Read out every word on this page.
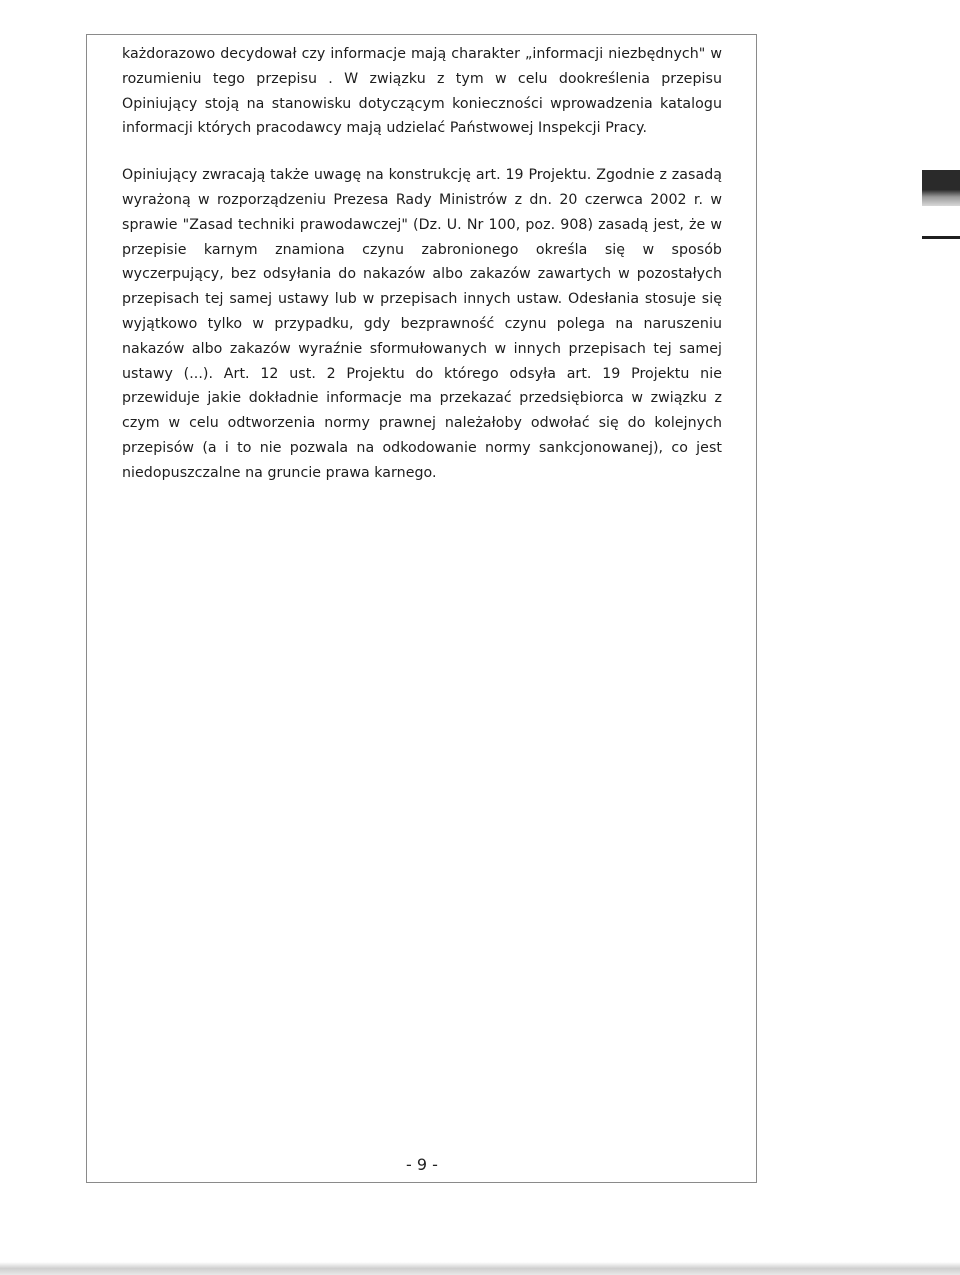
każdorazowo decydował czy informacje mają charakter „informacji niezbędnych" w rozumieniu tego przepisu . W związku z tym w celu dookreślenia przepisu Opiniujący stoją na stanowisku dotyczącym konieczności wprowadzenia katalogu informacji których pracodawcy mają udzielać Państwowej Inspekcji Pracy.

Opiniujący zwracają także uwagę na konstrukcję art. 19 Projektu. Zgodnie z zasadą wyrażoną w rozporządzeniu Prezesa Rady Ministrów z dn. 20 czerwca 2002 r. w sprawie "Zasad techniki prawodawczej" (Dz. U. Nr 100, poz. 908) zasadą jest, że w przepisie karnym znamiona czynu zabronionego określa się w sposób wyczerpujący, bez odsyłania do nakazów albo zakazów zawartych w pozostałych przepisach tej samej ustawy lub w przepisach innych ustaw. Odesłania stosuje się wyjątkowo tylko w przypadku, gdy bezprawność czynu polega na naruszeniu nakazów albo zakazów wyraźnie sformułowanych w innych przepisach tej samej ustawy (...). Art. 12 ust. 2 Projektu do którego odsyła art. 19 Projektu nie przewiduje jakie dokładnie informacje ma przekazać przedsiębiorca w związku z czym w celu odtworzenia normy prawnej należałoby odwołać się do kolejnych przepisów (a i to nie pozwala na odkodowanie normy sankcjonowanej), co jest niedopuszczalne na gruncie prawa karnego.

- 9 -
